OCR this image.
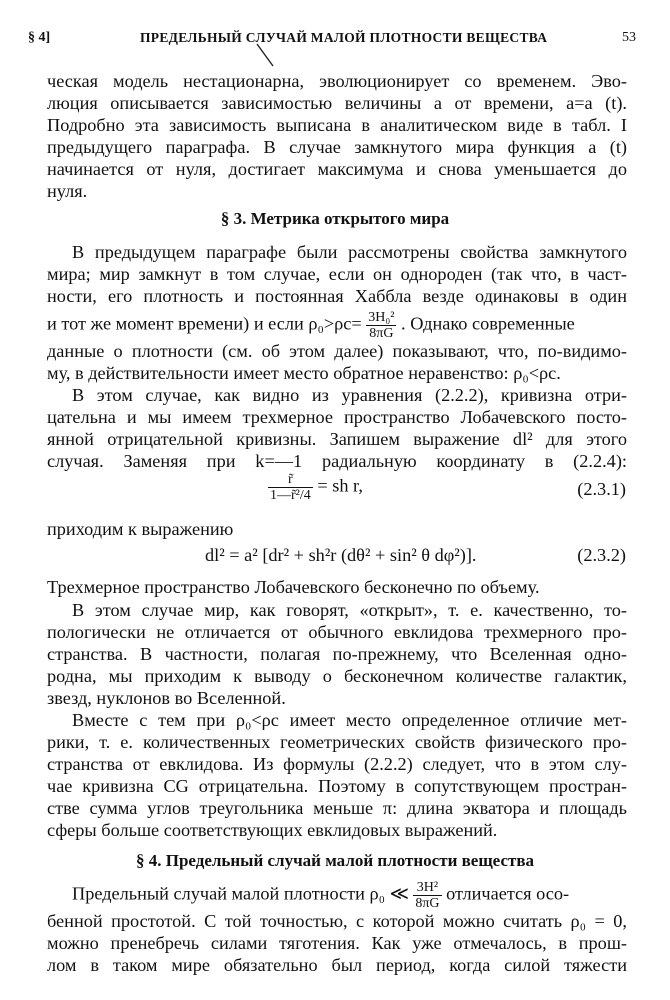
§ 4]	ПРЕДЕЛЬНЫЙ СЛУЧАЙ МАЛОЙ ПЛОТНОСТИ ВЕЩЕСТВА	53
ческая модель нестационарна, эволюционирует со временем. Эво-
люция описывается зависимостью величины a от времени, a=a (t).
Подробно эта зависимость выписана в аналитическом виде в табл. I
предыдущего параграфа. В случае замкнутого мира функция a (t)
начинается от нуля, достигает максимума и снова уменьшается до
нуля.
§ 3. Метрика открытого мира
В предыдущем параграфе были рассмотрены свойства замкнутого
мира; мир замкнут в том случае, если он однороден (так что, в част-
ности, его плотность и постоянная Хаббла везде одинаковы в один
и тот же момент времени) и если $\rho_0>\rho c= \frac{\text{3H₀²}}{8\pi G}$ . Однако современные
данные о плотности (см. об этом далее) показывают, что, по-видимо-
му, в действительности имеет место обратное неравенство: ρ₀<ρc.
В этом случае, как видно из уравнения (2.2.2), кривизна отри-
цательна и мы имеем трехмерное пространство Лобачевского посто-
янной отрицательной кривизны. Запишем выражение dl² для этого
случая. Заменяя при k=—1 радиальную координату в (2.2.4):
$\frac{r̃}{\text{1—r̃²/4}}$ = sh r,	(2.3.1)
приходим к выражению
dl² = a² [dr² + sh²r (dθ² + sin² θ dφ²)].	(2.3.2)
Трехмерное пространство Лобачевского бесконечно по объему.
В этом случае мир, как говорят, «открыт», т. е. качественно, то-
пологически не отличается от обычного евклидова трехмерного про-
странства. В частности, полагая по-прежнему, что Вселенная одно-
родна, мы приходим к выводу о бесконечном количестве галактик,
звезд, нуклонов во Вселенной.
Вместе с тем при ρ₀<ρc имеет место определенное отличие мет-
рики, т. е. количественных геометрических свойств физического про-
странства от евклидова. Из формулы (2.2.2) следует, что в этом слу-
чае кривизна CG отрицательна. Поэтому в сопутствующем простран-
стве сумма углов треугольника меньше π: длина экватора и площадь
сферы больше соответствующих евклидовых выражений.
§ 4. Предельный случай малой плотности вещества
Предельный случай малой плотности ρ₀ ≪ $\frac{\text{3H²}}{8\pi G}$ отличается осо-
бенной простотой. С той точностью, с которой можно считать ρ₀ = 0,
можно пренебречь силами тяготения. Как уже отмечалось, в прош-
лом в таком мире обязательно был период, когда силой тяжести
